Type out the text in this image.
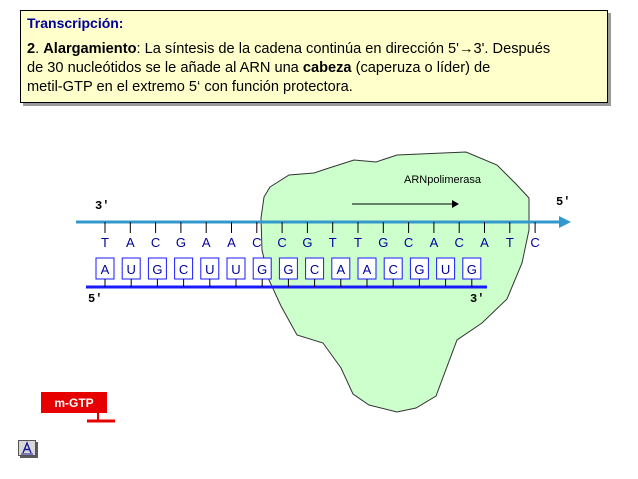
Transcripción:
2. Alargamiento: La síntesis de la cadena continúa en dirección 5'→3'. Después
de 30 nucleótidos se le añade al ARN una cabeza (caperuza o líder) de
metil-GTP en el extremo 5‘ con función protectora.
ARNpolimerasa
3'	5'
T A C G A A C C G T T G C A C A T C
5'	3'
A U G C U U G G C A A C G U G
m-GTP
